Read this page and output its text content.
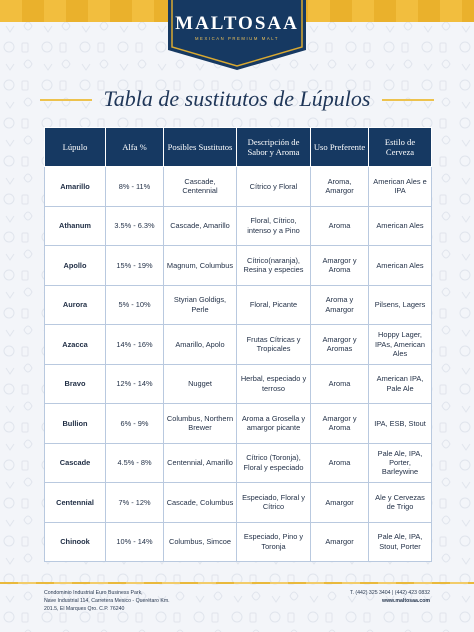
MALTOSAA
MEXICAN PREMIUM MALT
Tabla de sustitutos de Lúpulos
Lúpulo	Alfa %	Posibles Sustitutos	Descripción de Sabor y Aroma	Uso Preferente	Estilo de Cerveza
Amarillo	8% - 11%	Cascade, Centennial	Cítrico y Floral	Aroma, Amargor	American Ales e IPA
Athanum	3.5% - 6.3%	Cascade, Amarillo	Floral, Cítrico, intenso y a Pino	Aroma	American Ales
Apollo	15% - 19%	Magnum, Columbus	Cítrico(naranja), Resina y especies	Amargor y Aroma	American Ales
Aurora	5% - 10%	Styrian Goldigs, Perle	Floral, Picante	Aroma y Amargor	Pilsens, Lagers
Azacca	14% - 16%	Amarillo, Apolo	Frutas Cítricas y Tropicales	Amargor y Aromas	Hoppy Lager, IPAs, American Ales
Bravo	12% - 14%	Nugget	Herbal, especiado y terroso	Aroma	American IPA, Pale Ale
Bullion	6% - 9%	Columbus, Northern Brewer	Aroma a Grosella y amargor picante	Amargor y Aroma	IPA, ESB, Stout
Cascade	4.5% - 8%	Centennial, Amarillo	Cítrico (Toronja), Floral y especiado	Aroma	Pale Ale, IPA, Porter, Barleywine
Centennial	7% - 12%	Cascade, Columbus	Especiado, Floral y Cítrico	Amargor	Ale y Cervezas de Trigo
Chinook	10% - 14%	Columbus, Simcoe	Especiado, Pino y Toronja	Amargor	Pale Ale, IPA, Stout, Porter
Condominio Industrial Euro Business Park,
Nave Industrial 114, Carretera Mexico - Querétaro Km.
201.5, El Marques Qro. C.P. 76240
T. (442) 325 3404 | (442) 423 0832
www.maltosaa.com
